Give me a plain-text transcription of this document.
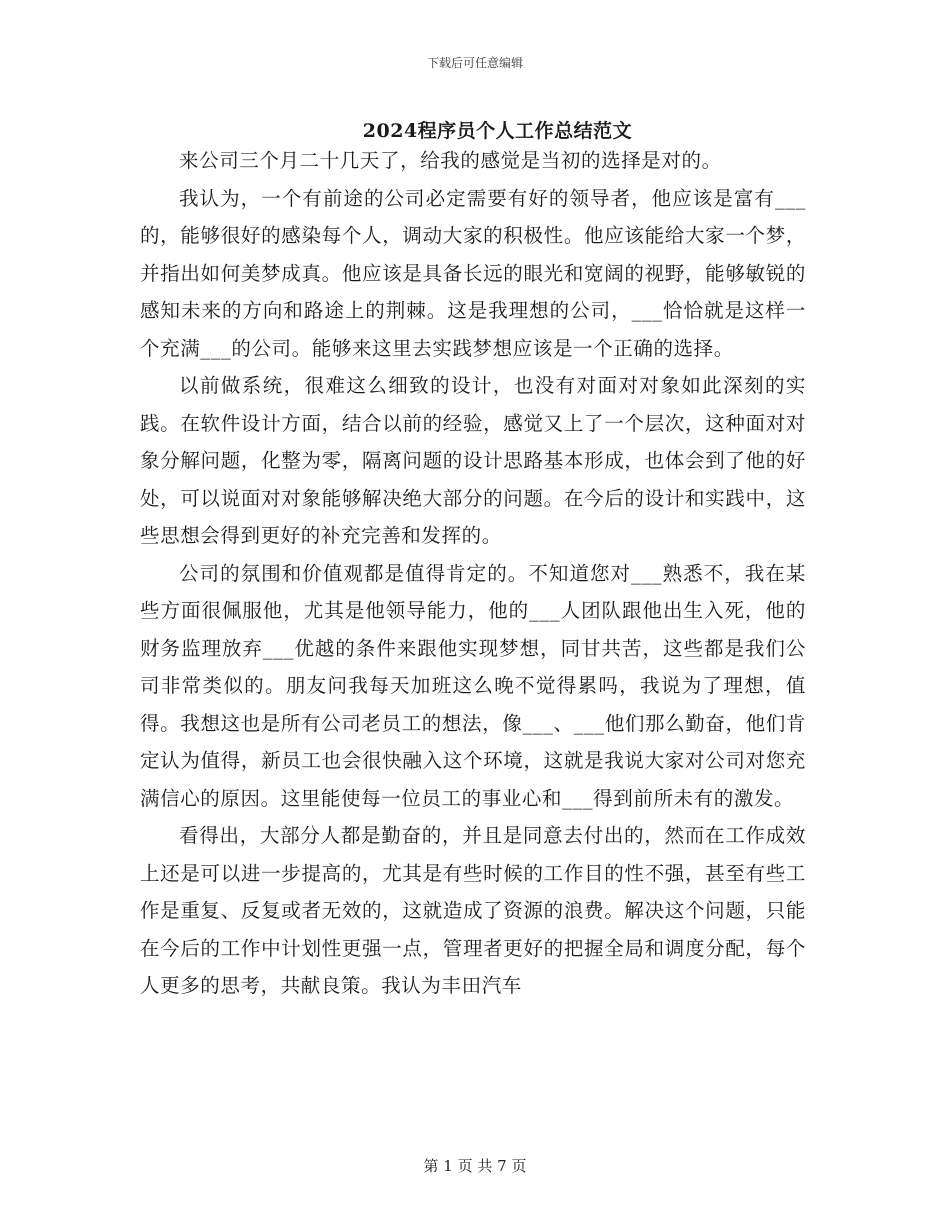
下载后可任意编辑
2024程序员个人工作总结范文

来公司三个月二十几天了，给我的感觉是当初的选择是对的。

我认为，一个有前途的公司必定需要有好的领导者，他应该是富有___的，能够很好的感染每个人，调动大家的积极性。他应该能给大家一个梦，并指出如何美梦成真。他应该是具备长远的眼光和宽阔的视野，能够敏锐的感知未来的方向和路途上的荆棘。这是我理想的公司，___恰恰就是这样一个充满___的公司。能够来这里去实践梦想应该是一个正确的选择。

以前做系统，很难这么细致的设计，也没有对面对对象如此深刻的实践。在软件设计方面，结合以前的经验，感觉又上了一个层次，这种面对对象分解问题，化整为零，隔离问题的设计思路基本形成，也体会到了他的好处，可以说面对对象能够解决绝大部分的问题。在今后的设计和实践中，这些思想会得到更好的补充完善和发挥的。

公司的氛围和价值观都是值得肯定的。不知道您对___熟悉不，我在某些方面很佩服他，尤其是他领导能力，他的___人团队跟他出生入死，他的财务监理放弃___优越的条件来跟他实现梦想，同甘共苦，这些都是我们公司非常类似的。朋友问我每天加班这么晚不觉得累吗，我说为了理想，值得。我想这也是所有公司老员工的想法，像___、___他们那么勤奋，他们肯定认为值得，新员工也会很快融入这个环境，这就是我说大家对公司对您充满信心的原因。这里能使每一位员工的事业心和___得到前所未有的激发。

看得出，大部分人都是勤奋的，并且是同意去付出的，然而在工作成效上还是可以进一步提高的，尤其是有些时候的工作目的性不强，甚至有些工作是重复、反复或者无效的，这就造成了资源的浪费。解决这个问题，只能在今后的工作中计划性更强一点，管理者更好的把握全局和调度分配，每个人更多的思考，共献良策。我认为丰田汽车

第 1 页 共 7 页
